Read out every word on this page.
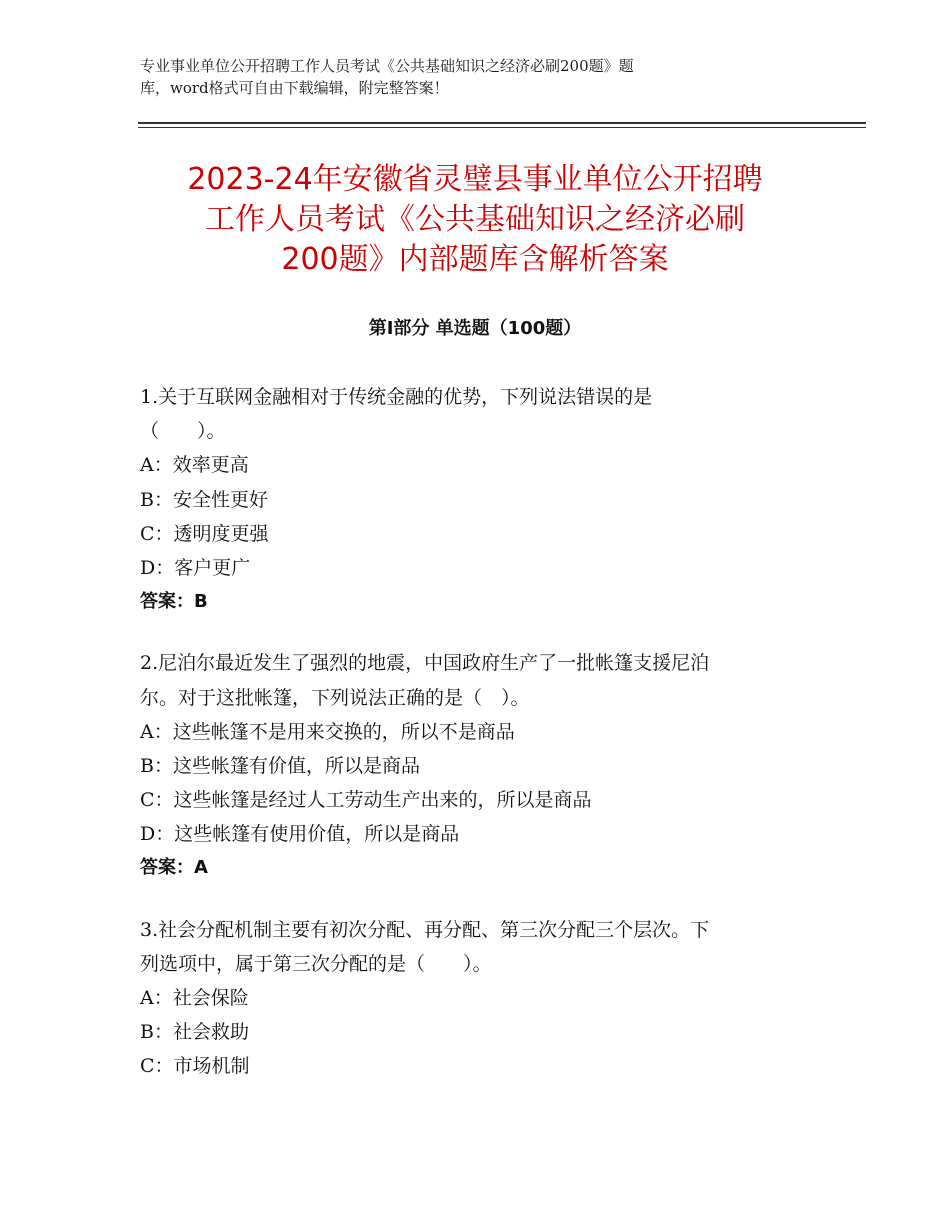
专业事业单位公开招聘工作人员考试《公共基础知识之经济必刷200题》题
库，word格式可自由下载编辑，附完整答案！
2023-24年安徽省灵璧县事业单位公开招聘
工作人员考试《公共基础知识之经济必刷
200题》内部题库含解析答案
第Ⅰ部分 单选题（100题）
1.关于互联网金融相对于传统金融的优势，下列说法错误的是
（　　）。
A：效率更高
B：安全性更好
C：透明度更强
D：客户更广
答案：B
2.尼泊尔最近发生了强烈的地震，中国政府生产了一批帐篷支援尼泊
尔。对于这批帐篷，下列说法正确的是（　）。
A：这些帐篷不是用来交换的，所以不是商品
B：这些帐篷有价值，所以是商品
C：这些帐篷是经过人工劳动生产出来的，所以是商品
D：这些帐篷有使用价值，所以是商品
答案：A
3.社会分配机制主要有初次分配、再分配、第三次分配三个层次。下
列选项中，属于第三次分配的是（　　）。
A：社会保险
B：社会救助
C：市场机制
